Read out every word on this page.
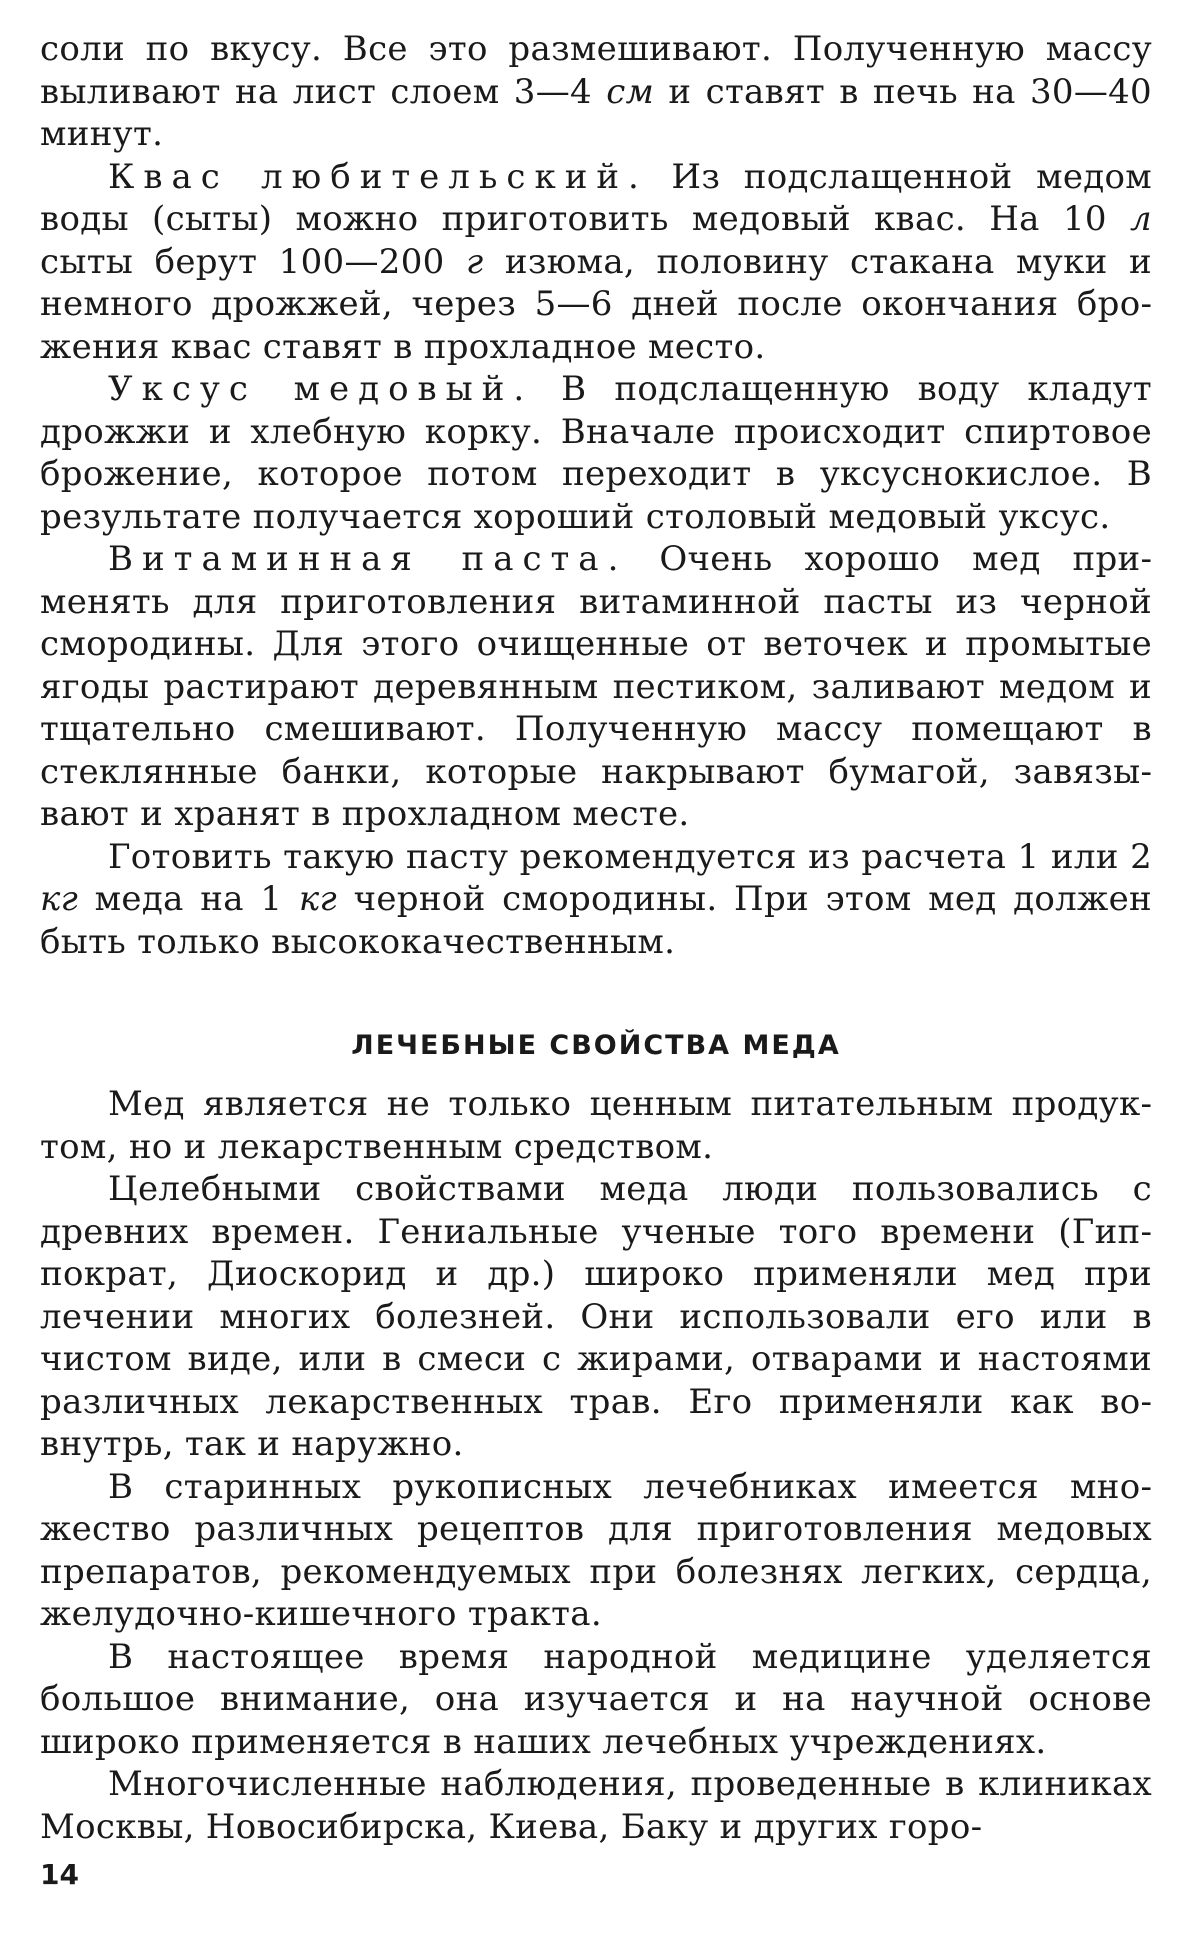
соли по вкусу. Все это размешивают. Полученную массу выливают на лист слоем 3—4 см и ставят в печь на 30—40 минут.

Квас любительский. Из подслащенной медом воды (сыты) можно приготовить медовый квас. На 10 л сыты берут 100—200 г изюма, половину стакана муки и немного дрожжей, через 5—6 дней после окончания брожения квас ставят в прохладное место.

Уксус медовый. В подслащенную воду кладут дрожжи и хлебную корку. Вначале происходит спиртовое брожение, которое потом переходит в уксуснокислое. В результате получается хороший столовый медовый уксус.

Витаминная паста. Очень хорошо мед применять для приготовления витаминной пасты из черной смородины. Для этого очищенные от веточек и промытые ягоды растирают деревянным пестиком, заливают медом и тщательно смешивают. Полученную массу помещают в стеклянные банки, которые накрывают бумагой, завязывают и хранят в прохладном месте.

Готовить такую пасту рекомендуется из расчета 1 или 2 кг меда на 1 кг черной смородины. При этом мед должен быть только высококачественным.

ЛЕЧЕБНЫЕ СВОЙСТВА МЕДА

Мед является не только ценным питательным продуктом, но и лекарственным средством.

Целебными свойствами меда люди пользовались с древних времен. Гениальные ученые того времени (Гиппократ, Диоскорид и др.) широко применяли мед при лечении многих болезней. Они использовали его или в чистом виде, или в смеси с жирами, отварами и настоями различных лекарственных трав. Его применяли как вовнутрь, так и наружно.

В старинных рукописных лечебниках имеется множество различных рецептов для приготовления медовых препаратов, рекомендуемых при болезнях легких, сердца, желудочно-кишечного тракта.

В настоящее время народной медицине уделяется большое внимание, она изучается и на научной основе широко применяется в наших лечебных учреждениях.

Многочисленные наблюдения, проведенные в клиниках Москвы, Новосибирска, Киева, Баку и других горо-

14
